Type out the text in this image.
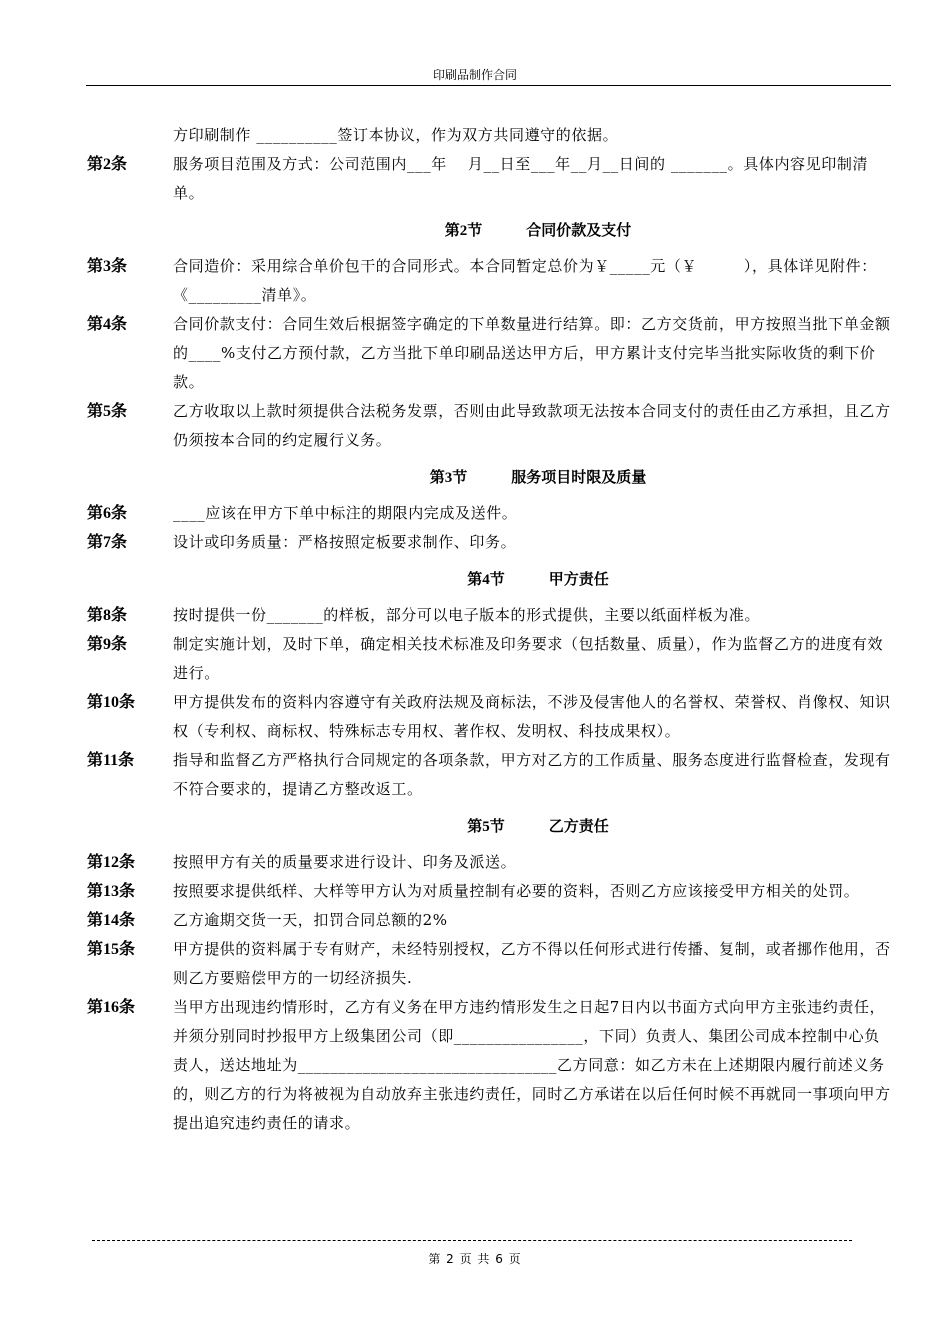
印刷品制作合同
方印刷制作 __________签订本协议，作为双方共同遵守的依据。
第2条	服务项目范围及方式：公司范围内___年 　月__日至___年__月__日间的 _______。具体内容见印制清单。
第2节	合同价款及支付
第3条	合同造价：采用综合单价包干的合同形式。本合同暂定总价为￥_____元（￥　　　），具体详见附件：《_________清单》。
第4条	合同价款支付：合同生效后根据签字确定的下单数量进行结算。即：乙方交货前，甲方按照当批下单金额的____%支付乙方预付款，乙方当批下单印刷品送达甲方后，甲方累计支付完毕当批实际收货的剩下价款。
第5条	乙方收取以上款时须提供合法税务发票，否则由此导致款项无法按本合同支付的责任由乙方承担，且乙方仍须按本合同的约定履行义务。
第3节	服务项目时限及质量
第6条	____应该在甲方下单中标注的期限内完成及送件。
第7条	设计或印务质量：严格按照定板要求制作、印务。
第4节	甲方责任
第8条	按时提供一份_______的样板，部分可以电子版本的形式提供，主要以纸面样板为准。
第9条	制定实施计划，及时下单，确定相关技术标准及印务要求（包括数量、质量），作为监督乙方的进度有效进行。
第10条	甲方提供发布的资料内容遵守有关政府法规及商标法，不涉及侵害他人的名誉权、荣誉权、肖像权、知识权（专利权、商标权、特殊标志专用权、著作权、发明权、科技成果权）。
第11条	指导和监督乙方严格执行合同规定的各项条款，甲方对乙方的工作质量、服务态度进行监督检查，发现有不符合要求的，提请乙方整改返工。
第5节	乙方责任
第12条	按照甲方有关的质量要求进行设计、印务及派送。
第13条	按照要求提供纸样、大样等甲方认为对质量控制有必要的资料，否则乙方应该接受甲方相关的处罚。
第14条	乙方逾期交货一天，扣罚合同总额的2%
第15条	甲方提供的资料属于专有财产，未经特别授权，乙方不得以任何形式进行传播、复制，或者挪作他用，否则乙方要赔偿甲方的一切经济损失.
第16条	当甲方出现违约情形时，乙方有义务在甲方违约情形发生之日起7日内以书面方式向甲方主张违约责任，并须分别同时抄报甲方上级集团公司（即________________，下同）负责人、集团公司成本控制中心负责人，送达地址为________________________________乙方同意：如乙方未在上述期限内履行前述义务的，则乙方的行为将被视为自动放弃主张违约责任，同时乙方承诺在以后任何时候不再就同一事项向甲方提出追究违约责任的请求。
第 2 页 共 6 页
